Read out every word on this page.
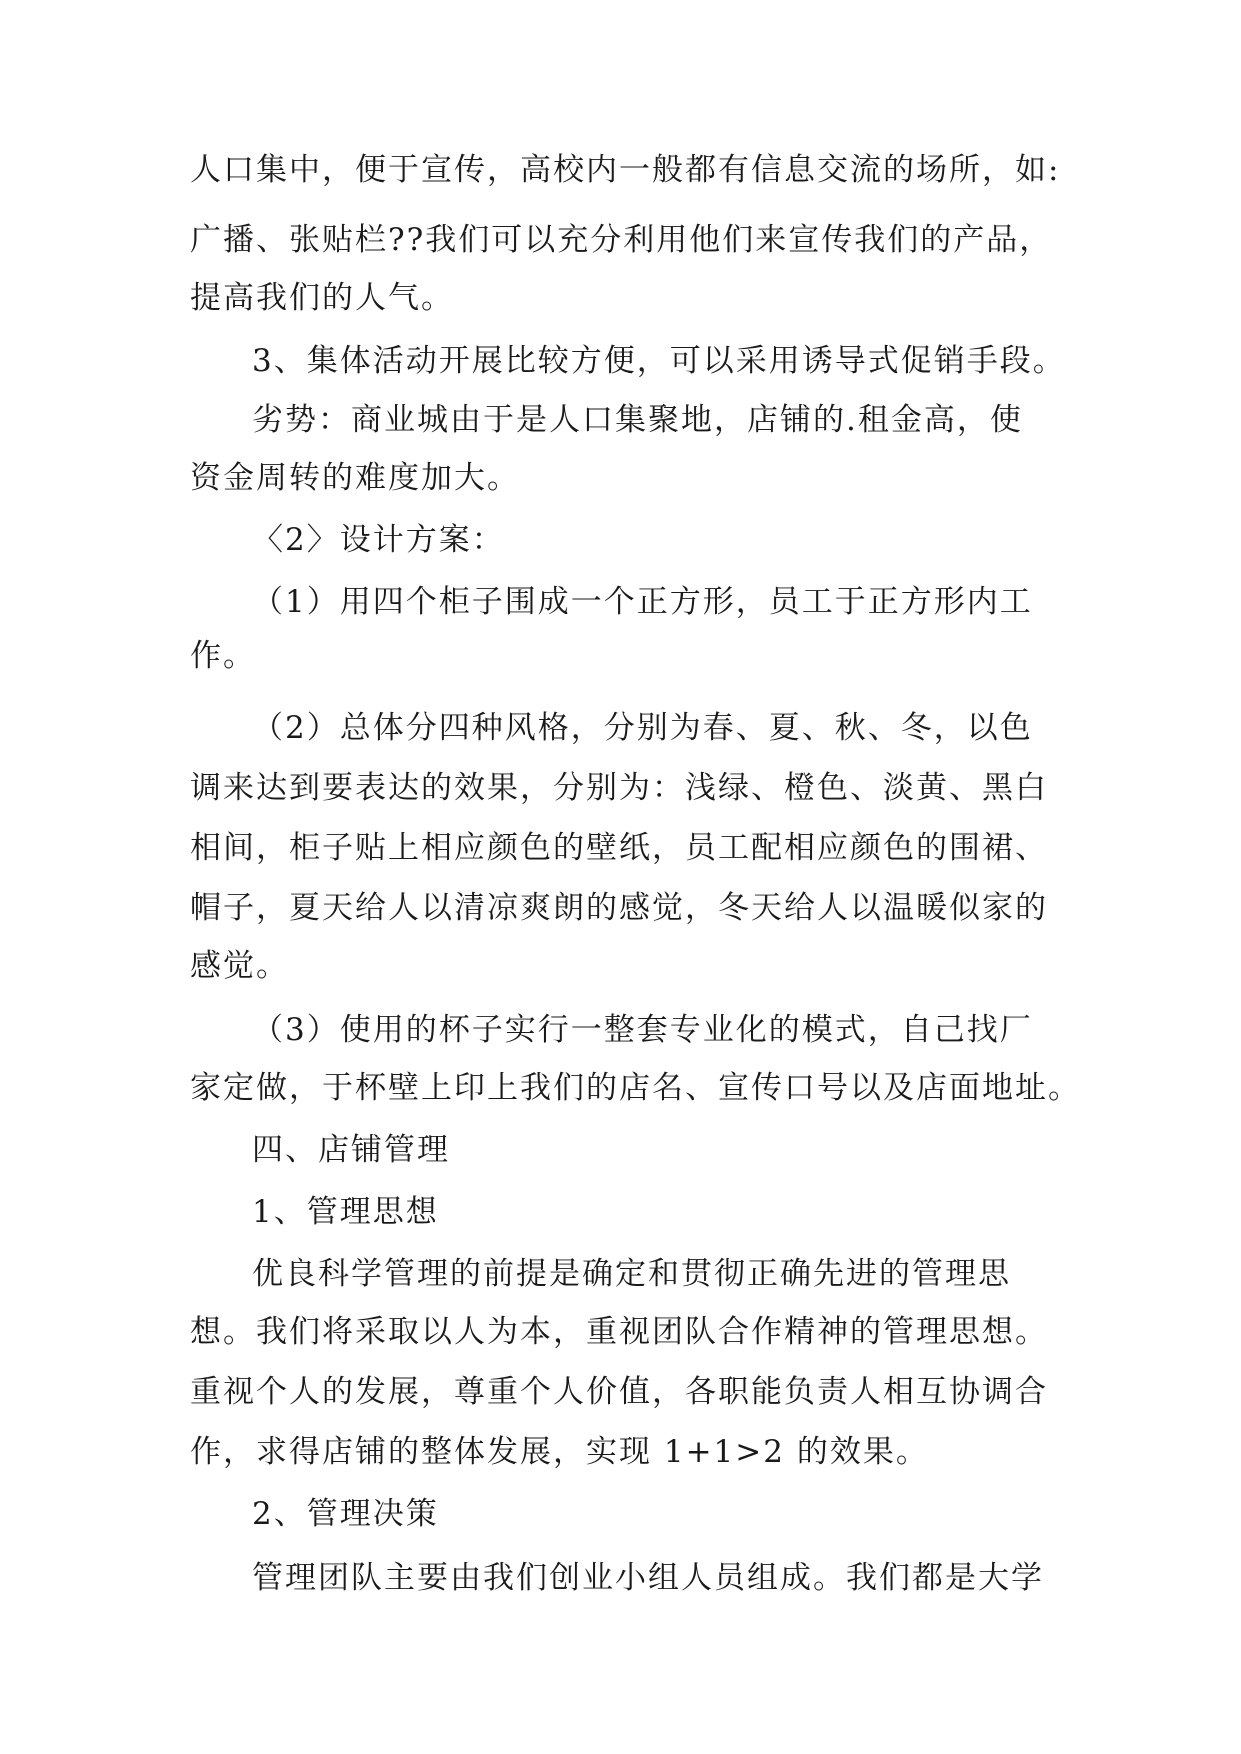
人口集中，便于宣传，高校内一般都有信息交流的场所，如:
广播、张贴栏??我们可以充分利用他们来宣传我们的产品，
提高我们的人气。
3、集体活动开展比较方便，可以采用诱导式促销手段。
劣势：商业城由于是人口集聚地，店铺的.租金高，使
资金周转的难度加大。
〈2〉设计方案：
（1）用四个柜子围成一个正方形，员工于正方形内工
作。
（2）总体分四种风格，分别为春、夏、秋、冬，以色
调来达到要表达的效果，分别为：浅绿、橙色、淡黄、黑白
相间，柜子贴上相应颜色的壁纸，员工配相应颜色的围裙、
帽子，夏天给人以清凉爽朗的感觉，冬天给人以温暖似家的
感觉。
（3）使用的杯子实行一整套专业化的模式，自己找厂
家定做，于杯壁上印上我们的店名、宣传口号以及店面地址。
四、店铺管理
1、管理思想
优良科学管理的前提是确定和贯彻正确先进的管理思
想。我们将采取以人为本，重视团队合作精神的管理思想。
重视个人的发展，尊重个人价值，各职能负责人相互协调合
作，求得店铺的整体发展，实现 1+1>2 的效果。
2、管理决策
管理团队主要由我们创业小组人员组成。我们都是大学
